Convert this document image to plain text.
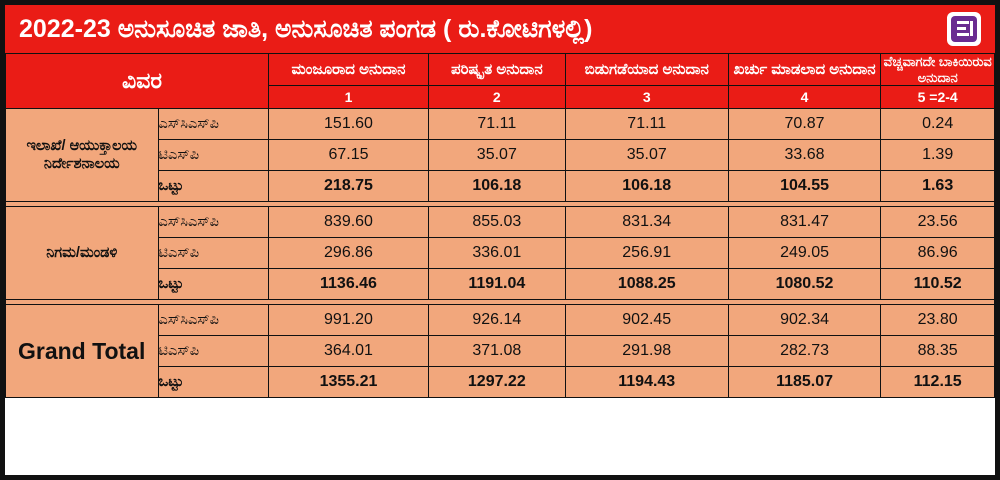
2022-23 ಅನುಸೂಚಿತ ಜಾತಿ, ಅನುಸೂಚಿತ ಪಂಗಡ ( ರು.ಕೋಟಿಗಳಲ್ಲಿ)
ವಿವರ		ಮಂಜೂರಾದ ಅನುದಾನ	ಪರಿಷ್ಕೃತ ಅನುದಾನ	ಬಿಡುಗಡೆಯಾದ ಅನುದಾನ	ಖರ್ಚು ಮಾಡಲಾದ ಅನುದಾನ	ವೆಚ್ಚವಾಗದೇ ಬಾಕಿಯಿರುವ ಅನುದಾನ
		1	2	3	4	5 =2-4
ಇಲಾಖೆ/ ಆಯುಕ್ತಾಲಯ ನಿರ್ದೇಶನಾಲಯ	ಎಸ್‌ಸಿಎಸ್‌ಪಿ	151.60	71.11	71.11	70.87	0.24
	ಟಿಎಸ್‌ಪಿ	67.15	35.07	35.07	33.68	1.39
	ಒಟ್ಟು	218.75	106.18	106.18	104.55	1.63

ನಿಗಮ/ಮಂಡಳಿ	ಎಸ್‌ಸಿಎಸ್‌ಪಿ	839.60	855.03	831.34	831.47	23.56
	ಟಿಎಸ್‌ಪಿ	296.86	336.01	256.91	249.05	86.96
	ಒಟ್ಟು	1136.46	1191.04	1088.25	1080.52	110.52

Grand Total	ಎಸ್‌ಸಿಎಸ್‌ಪಿ	991.20	926.14	902.45	902.34	23.80
	ಟಿಎಸ್‌ಪಿ	364.01	371.08	291.98	282.73	88.35
	ಒಟ್ಟು	1355.21	1297.22	1194.43	1185.07	112.15
